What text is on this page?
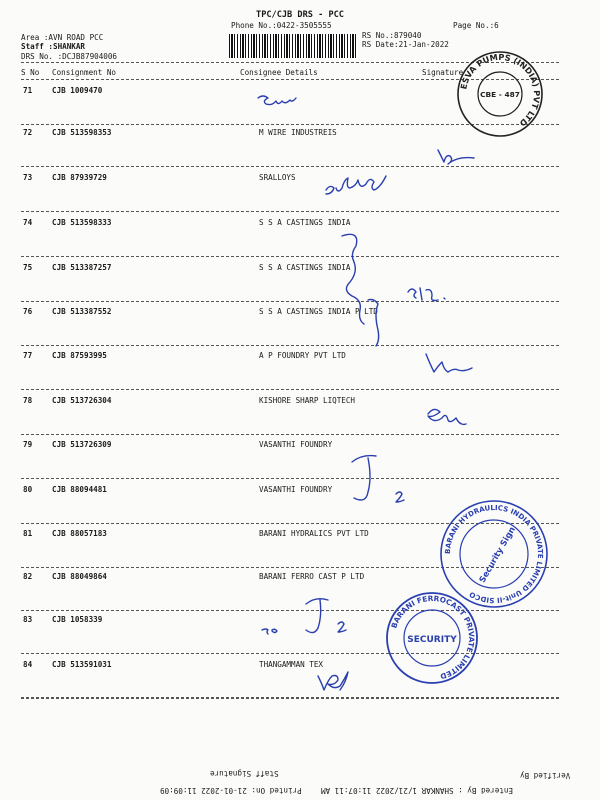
TPC/CJB DRS - PCC
Phone No.:0422-3505555	Page No.:6
Area :AVN ROAD PCC
Staff :SHANKAR
DRS No. :DCJB87904006
RS No.:879040
RS Date:21-Jan-2022
S No Consignment No	Consignee Details	Signature
71	CJB 1009470
72	CJB 513598353	M WIRE INDUSTREIS
73	CJB 87939729	SRALLOYS
74	CJB 513598333	S S A CASTINGS INDIA
75	CJB 513387257	S S A CASTINGS INDIA
76	CJB 513387552	S S A CASTINGS INDIA P LTD
77	CJB 87593995	A P FOUNDRY PVT LTD
78	CJB 513726304	KISHORE SHARP LIQTECH
79	CJB 513726309	VASANTHI FOUNDRY
80	CJB 88094481	VASANTHI FOUNDRY
81	CJB 88057183	BARANI HYDRALICS PVT LTD
82	CJB 88049864	BARANI FERRO CAST P LTD
83	CJB 1058339
84	CJB 513591031	THANGAMMAN TEX
ESVA PUMPS (INDIA) PVT LTD
CBE - 487
BARANI HYDRAULICS INDIA PRIVATE LIMITED Unit-II SIDCO
Security Sign
BARANI FERROCAST PRIVATE LIMITED
SECURITY
Staff Signature	Verified By
Entered By : SHANKAR 1/21/2022 11:07:11 AM
Printed On: 21-01-2022 11:09:09
